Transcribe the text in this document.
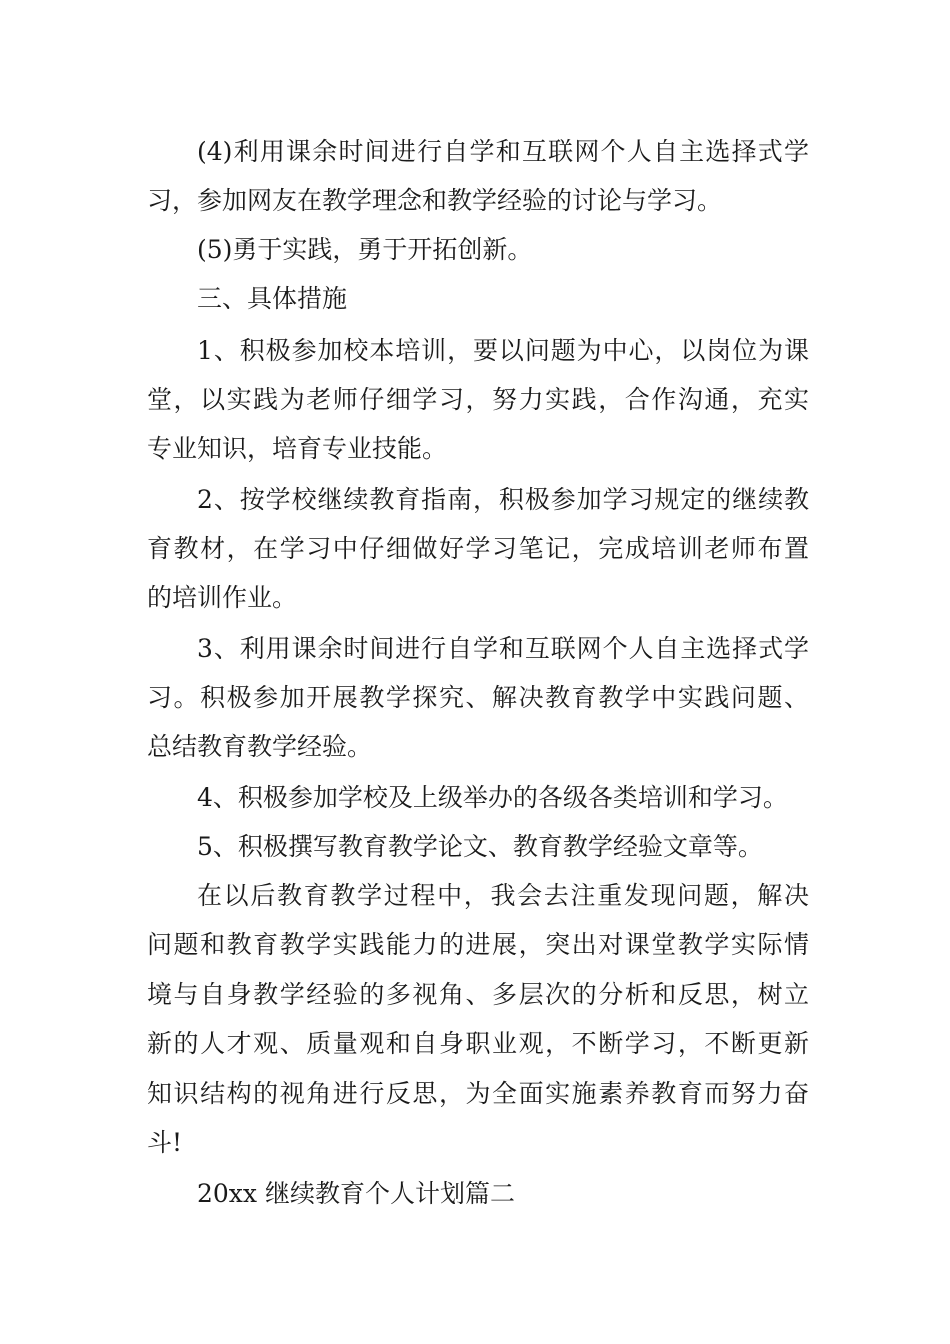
(4)利用课余时间进行自学和互联网个人自主选择式学
习，参加网友在教学理念和教学经验的讨论与学习。
(5)勇于实践，勇于开拓创新。
三、具体措施
1、积极参加校本培训，要以问题为中心，以岗位为课
堂，以实践为老师仔细学习，努力实践，合作沟通，充实
专业知识，培育专业技能。
2、按学校继续教育指南，积极参加学习规定的继续教
育教材，在学习中仔细做好学习笔记，完成培训老师布置
的培训作业。
3、利用课余时间进行自学和互联网个人自主选择式学
习。积极参加开展教学探究、解决教育教学中实践问题、
总结教育教学经验。
4、积极参加学校及上级举办的各级各类培训和学习。
5、积极撰写教育教学论文、教育教学经验文章等。
在以后教育教学过程中，我会去注重发现问题，解决
问题和教育教学实践能力的进展，突出对课堂教学实际情
境与自身教学经验的多视角、多层次的分析和反思，树立
新的人才观、质量观和自身职业观，不断学习，不断更新
知识结构的视角进行反思，为全面实施素养教育而努力奋
斗!
20xx 继续教育个人计划篇二
